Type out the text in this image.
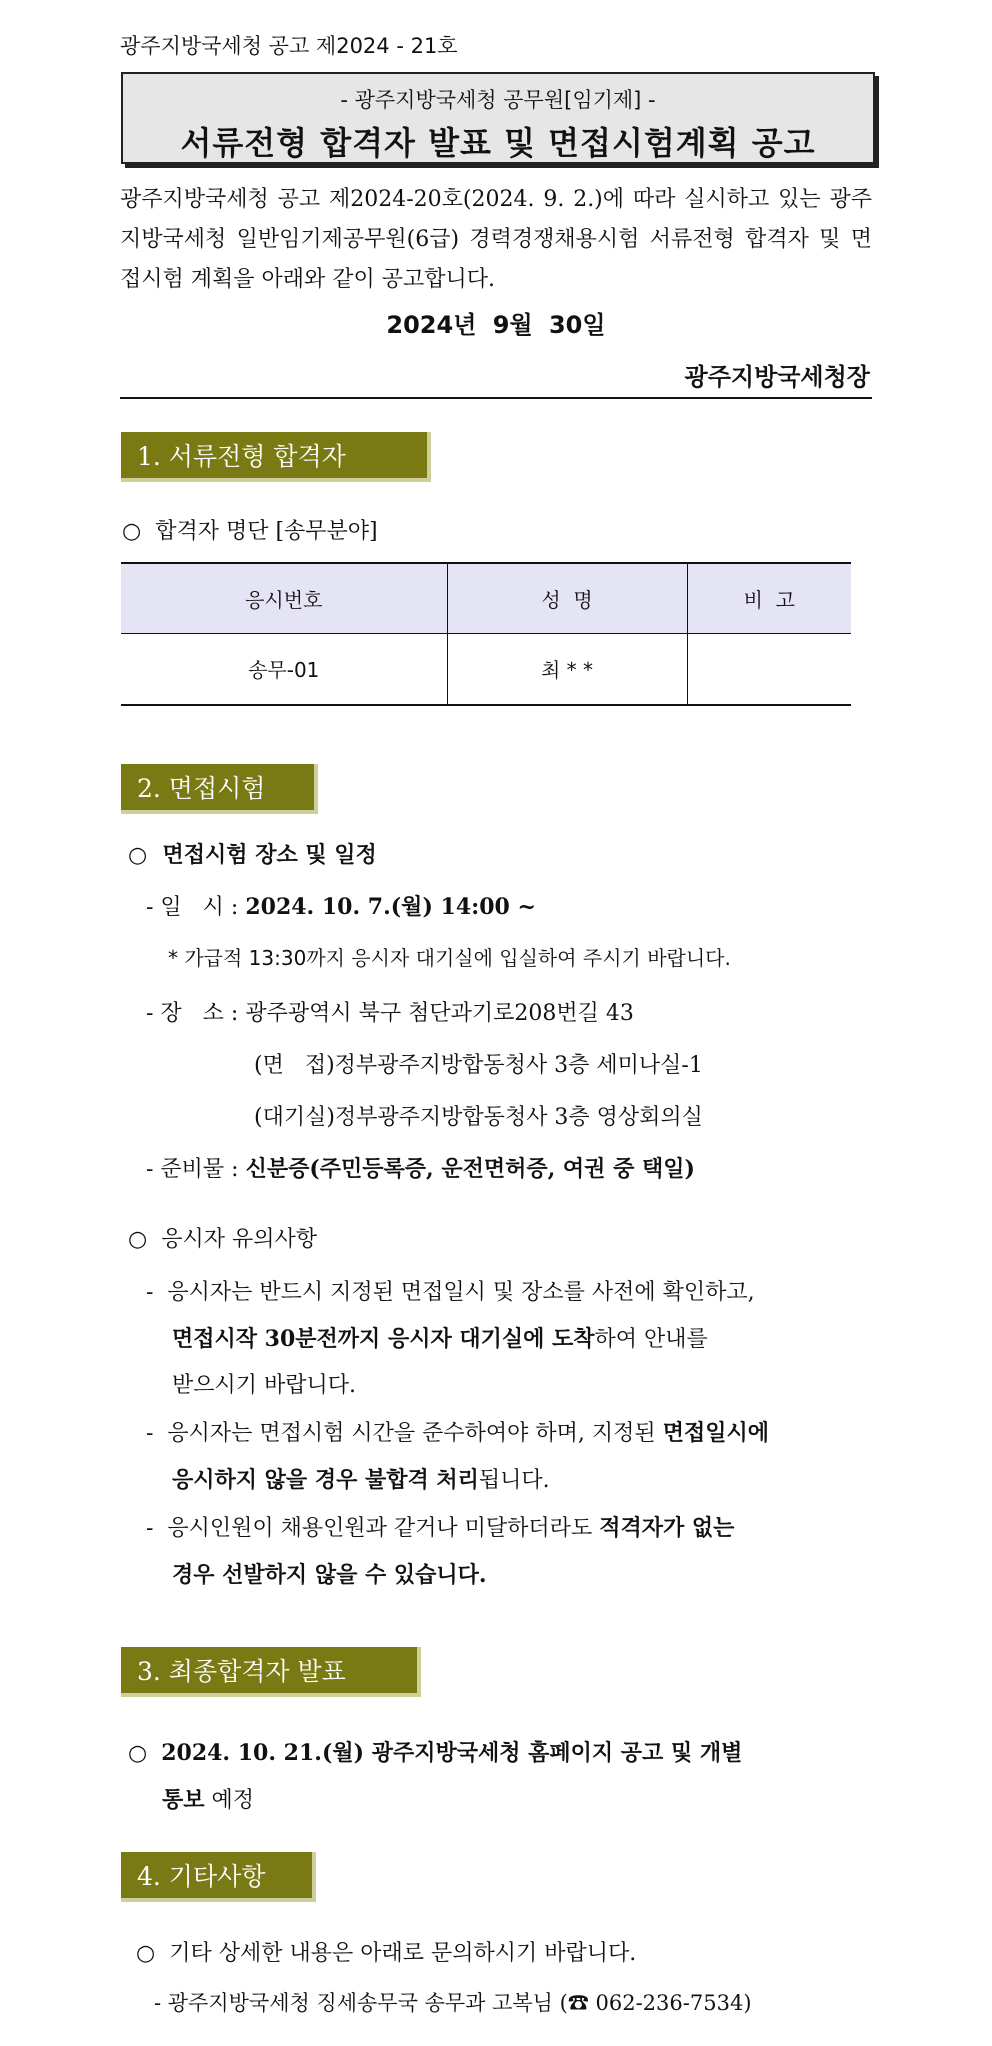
광주지방국세청 공고 제2024 - 21호
- 광주지방국세청 공무원[임기제] -
서류전형 합격자 발표 및 면접시험계획 공고
광주지방국세청 공고 제2024-20호(2024. 9. 2.)에 따라 실시하고 있는 광주지방국세청 일반임기제공무원(6급) 경력경쟁채용시험 서류전형 합격자 및 면접시험 계획을 아래와 같이 공고합니다.
2024년 9월 30일
광주지방국세청장
1. 서류전형 합격자
○ 합격자 명단 [송무분야]
응시번호	성  명	비  고
송무-01	최 * *	
2. 면접시험
○ 면접시험 장소 및 일정
- 일   시 : 2024. 10. 7.(월) 14:00 ~
* 가급적 13:30까지 응시자 대기실에 입실하여 주시기 바랍니다.
- 장   소 : 광주광역시 북구 첨단과기로208번길 43
(면   접)정부광주지방합동청사 3층 세미나실-1
(대기실)정부광주지방합동청사 3층 영상회의실
- 준비물 : 신분증(주민등록증, 운전면허증, 여권 중 택일)
○ 응시자 유의사항
-  응시자는 반드시 지정된 면접일시 및 장소를 사전에 확인하고,
면접시작 30분전까지 응시자 대기실에 도착하여 안내를
받으시기 바랍니다.
-  응시자는 면접시험 시간을 준수하여야 하며, 지정된 면접일시에
응시하지 않을 경우 불합격 처리됩니다.
-  응시인원이 채용인원과 같거나 미달하더라도 적격자가 없는
경우 선발하지 않을 수 있습니다.
3. 최종합격자 발표
○ 2024. 10. 21.(월) 광주지방국세청 홈페이지 공고 및 개별
통보 예정
4. 기타사항
○ 기타 상세한 내용은 아래로 문의하시기 바랍니다.
- 광주지방국세청 징세송무국 송무과 고복님 (☎ 062-236-7534)
